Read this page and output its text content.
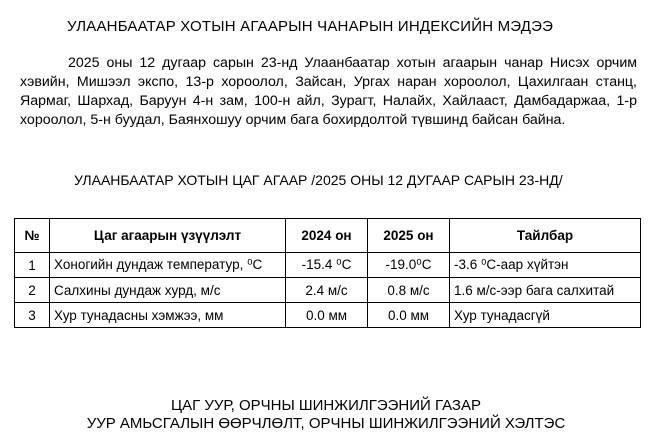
УЛААНБААТАР ХОТЫН АГААРЫН ЧАНАРЫН ИНДЕКСИЙН МЭДЭЭ

2025 оны 12 дугаар сарын 23-нд Улаанбаатар хотын агаарын чанар Нисэх орчим хэвийн, Мишээл экспо, 13-р хороолол, Зайсан, Ургах наран хороолол, Цахилгаан станц, Яармаг, Шархад, Баруун 4-н зам, 100-н айл, Зурагт, Налайх, Хайлааст, Дамбадаржаа, 1-р хороолол, 5-н буудал, Баянхошуу орчим бага бохирдолтой түвшинд байсан байна.

УЛААНБААТАР ХОТЫН ЦАГ АГААР /2025 ОНЫ 12 ДУГААР САРЫН 23-НД/
№	Цаг агаарын үзүүлэлт	2024 он	2025 он	Тайлбар
1	Хоногийн дундаж температур, ⁰С	-15.4 ⁰С	-19.0⁰С	-3.6 ⁰С-аар хүйтэн
2	Салхины дундаж хурд, м/с	2.4 м/с	0.8 м/с	1.6 м/с-ээр бага салхитай
3	Хур тунадасны хэмжээ, мм	0.0 мм	0.0 мм	Хур тунадасгүй
ЦАГ УУР, ОРЧНЫ ШИНЖИЛГЭЭНИЙ ГАЗАР
УУР АМЬСГАЛЫН ӨӨРЧЛӨЛТ, ОРЧНЫ ШИНЖИЛГЭЭНИЙ ХЭЛТЭС
